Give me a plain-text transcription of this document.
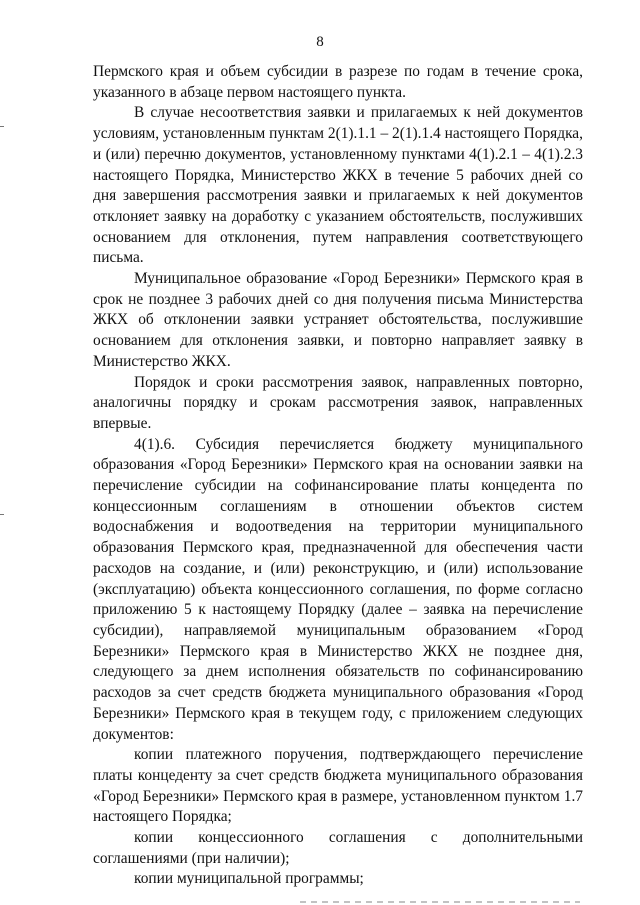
8

Пермского края и объем субсидии в разрезе по годам в течение срока, указанного в абзаце первом настоящего пункта.

В случае несоответствия заявки и прилагаемых к ней документов условиям, установленным пунктам 2(1).1.1 – 2(1).1.4 настоящего Порядка, и (или) перечню документов, установленному пунктами 4(1).2.1 – 4(1).2.3 настоящего Порядка, Министерство ЖКХ в течение 5 рабочих дней со дня завершения рассмотрения заявки и прилагаемых к ней документов отклоняет заявку на доработку с указанием обстоятельств, послуживших основанием для отклонения, путем направления соответствующего письма.

Муниципальное образование «Город Березники» Пермского края в срок не позднее 3 рабочих дней со дня получения письма Министерства ЖКХ об отклонении заявки устраняет обстоятельства, послужившие основанием для отклонения заявки, и повторно направляет заявку в Министерство ЖКХ.

Порядок и сроки рассмотрения заявок, направленных повторно, аналогичны порядку и срокам рассмотрения заявок, направленных впервые.

4(1).6. Субсидия перечисляется бюджету муниципального образования «Город Березники» Пермского края на основании заявки на перечисление субсидии на софинансирование платы концедента по концессионным соглашениям в отношении объектов систем водоснабжения и водоотведения на территории муниципального образования Пермского края, предназначенной для обеспечения части расходов на создание, и (или) реконструкцию, и (или) использование (эксплуатацию) объекта концессионного соглашения, по форме согласно приложению 5 к настоящему Порядку (далее – заявка на перечисление субсидии), направляемой муниципальным образованием «Город Березники» Пермского края в Министерство ЖКХ не позднее дня, следующего за днем исполнения обязательств по софинансированию расходов за счет средств бюджета муниципального образования «Город Березники» Пермского края в текущем году, с приложением следующих документов:

копии платежного поручения, подтверждающего перечисление платы концеденту за счет средств бюджета муниципального образования «Город Березники» Пермского края в размере, установленном пунктом 1.7 настоящего Порядка;

копии концессионного соглашения с дополнительными соглашениями (при наличии);

копии муниципальной программы;
